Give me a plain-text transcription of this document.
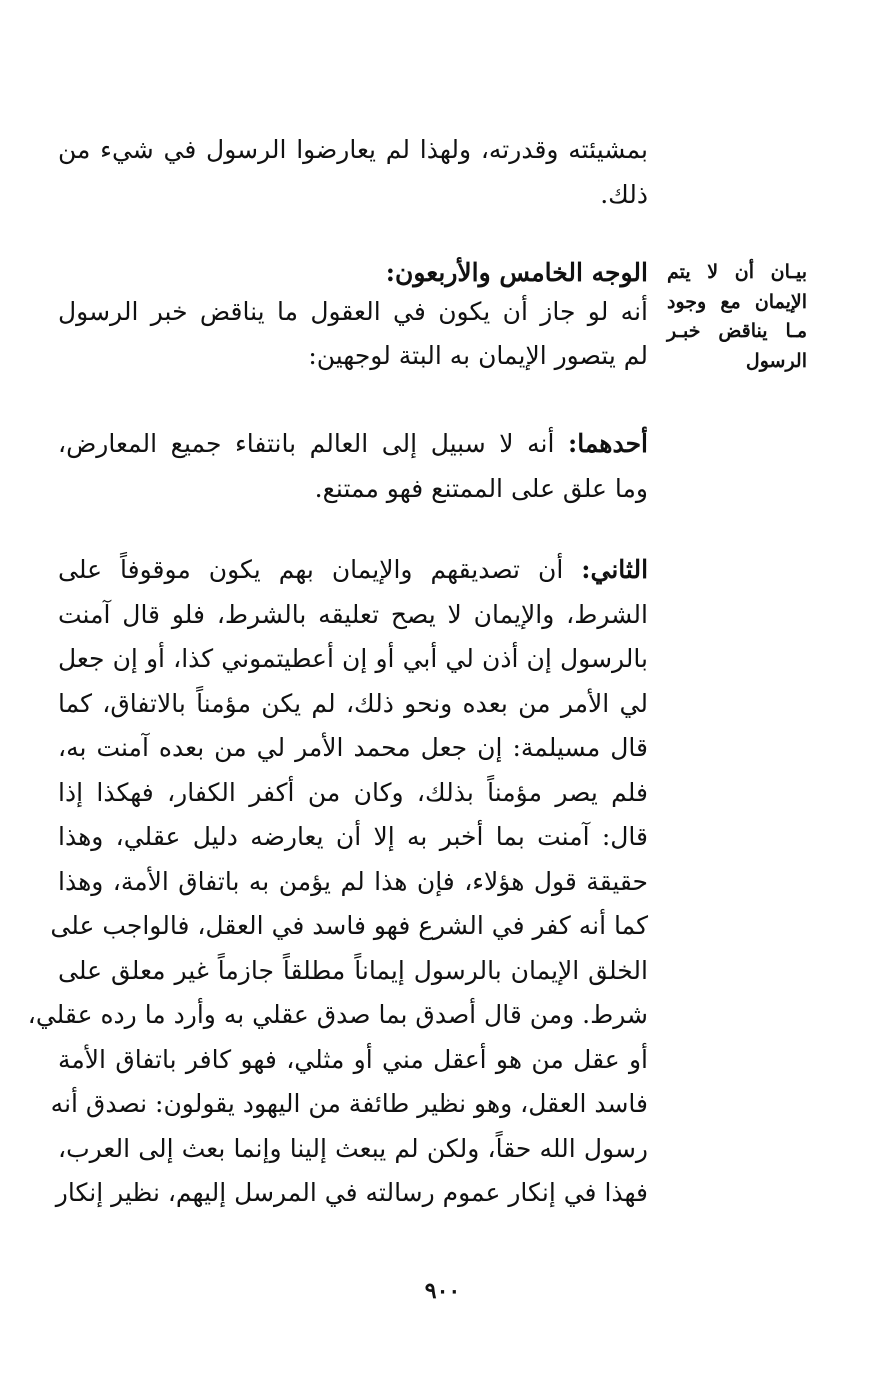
بمشيئته وقدرته، ولهذا لم يعارضوا الرسول في شيء من
ذلك.
الوجه الخامس والأربعون:
أنه لو جاز أن يكون في العقول ما يناقض خبر الرسول
لم يتصور الإيمان به البتة لوجهين:
بيـان أن لا يتم
الإيمان مع وجود
مـا يناقض خبـر
الرسول
أحدهما: أنه لا سبيل إلى العالم بانتفاء جميع المعارض،
وما علق على الممتنع فهو ممتنع.
الثاني: أن تصديقهم والإيمان بهم يكون موقوفاً على
الشرط، والإيمان لا يصح تعليقه بالشرط، فلو قال آمنت
بالرسول إن أذن لي أبي أو إن أعطيتموني كذا، أو إن جعل
لي الأمر من بعده ونحو ذلك، لم يكن مؤمناً بالاتفاق، كما
قال مسيلمة: إن جعل محمد الأمر لي من بعده آمنت به،
فلم يصر مؤمناً بذلك، وكان من أكفر الكفار، فهكذا إذا
قال: آمنت بما أخبر به إلا أن يعارضه دليل عقلي، وهذا
حقيقة قول هؤلاء، فإن هذا لم يؤمن به باتفاق الأمة، وهذا
كما أنه كفر في الشرع فهو فاسد في العقل، فالواجب على
الخلق الإيمان بالرسول إيماناً مطلقاً جازماً غير معلق على
شرط. ومن قال أصدق بما صدق عقلي به وأرد ما رده عقلي،
أو عقل من هو أعقل مني أو مثلي، فهو كافر باتفاق الأمة
فاسد العقل، وهو نظير طائفة من اليهود يقولون: نصدق أنه
رسول الله حقاً، ولكن لم يبعث إلينا وإنما بعث إلى العرب،
فهذا في إنكار عموم رسالته في المرسل إليهم، نظير إنكار
٩٠٠
